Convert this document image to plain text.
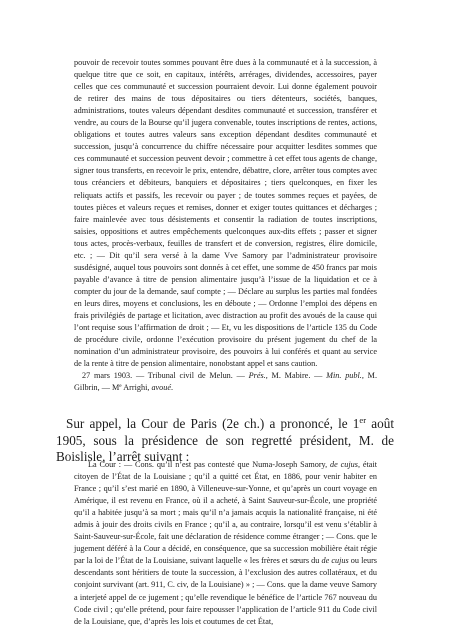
pouvoir de recevoir toutes sommes pouvant être dues à la communauté et à la succession, à quelque titre que ce soit, en capitaux, intérêts, arrérages, dividendes, accessoires, payer celles que ces communauté et succession pourraient devoir. Lui donne également pouvoir de retirer des mains de tous dépositaires ou tiers détenteurs, sociétés, banques, administrations, toutes valeurs dépendant desdites communauté et succession, transférer et vendre, au cours de la Bourse qu’il jugera convenable, toutes inscriptions de rentes, actions, obligations et toutes autres valeurs sans exception dépendant desdites communauté et succession, jusqu’à concurrence du chiffre nécessaire pour acquitter lesdites sommes que ces communauté et succession peuvent devoir ; commettre à cet effet tous agents de change, signer tous transferts, en recevoir le prix, entendre, débattre, clore, arrêter tous comptes avec tous créanciers et débiteurs, banquiers et dépositaires ; tiers quelconques, en fixer les reliquats actifs et passifs, les recevoir ou payer ; de toutes sommes reçues et payées, de toutes pièces et valeurs reçues et remises, donner et exiger toutes quittances et décharges ; faire mainlevée avec tous désistements et consentir la radiation de toutes inscriptions, saisies, oppositions et autres empêchements quelconques aux-dits effets ; passer et signer tous actes, procès-verbaux, feuilles de transfert et de conversion, registres, élire domicile, etc. ; — Dit qu’il sera versé à la dame Vve Samory par l’administrateur provisoire susdésigné, auquel tous pouvoirs sont donnés à cet effet, une somme de 450 francs par mois payable d’avance à titre de pension alimentaire jusqu’à l’issue de la liquidation et ce à compter du jour de la demande, sauf compte ; — Déclare au surplus les parties mal fondées en leurs dires, moyens et conclusions, les en déboute ; — Ordonne l’emploi des dépens en frais privilégiés de partage et licitation, avec distraction au profit des avoués de la cause qui l’ont requise sous l’affirmation de droit ; — Et, vu les dispositions de l’article 135 du Code de procédure civile, ordonne l’exécution provisoire du présent jugement du chef de la nomination d’un administrateur provisoire, des pouvoirs à lui conférés et quant au service de la rente à titre de pension alimentaire, nonobstant appel et sans caution.

27 mars 1903. — Tribunal civil de Melun. — Prés., M. Mabire. — Min. publ., M. Gilbrin, — Me Arrighi, avoué.

Sur appel, la Cour de Paris (2e ch.) a prononcé, le 1er août 1905, sous la présidence de son regretté président, M. de Boislisle, l’arrêt suivant :

La Cour : — Cons. qu’il n’est pas contesté que Numa-Joseph Samory, de cujus, était citoyen de l’État de la Louisiane ; qu’il a quitté cet État, en 1886, pour venir habiter en France ; qu’il s’est marié en 1890, à Villeneuve-sur-Yonne, et qu’après un court voyage en Amérique, il est revenu en France, où il a acheté, à Saint Sauveur-sur-École, une propriété qu’il a habitée jusqu’à sa mort ; mais qu’il n’a jamais acquis la nationalité française, ni été admis à jouir des droits civils en France ; qu’il a, au contraire, lorsqu’il est venu s’établir à Saint-Sauveur-sur-École, fait une déclaration de résidence comme étranger ; — Cons. que le jugement déféré à la Cour a décidé, en conséquence, que sa succession mobilière était régie par la loi de l’État de la Louisiane, suivant laquelle « les frères et sœurs du de cujus ou leurs descendants sont héritiers de toute la succession, à l’exclusion des autres collatéraux, et du conjoint survivant (art. 911, C. civ, de la Louisiane) » ; — Cons. que la dame veuve Samory a interjeté appel de ce jugement ; qu’elle revendique le bénéfice de l’article 767 nouveau du Code civil ; qu’elle prétend, pour faire repousser l’application de l’article 911 du Code civil de la Louisiane, que, d’après les lois et coutumes de cet État,
